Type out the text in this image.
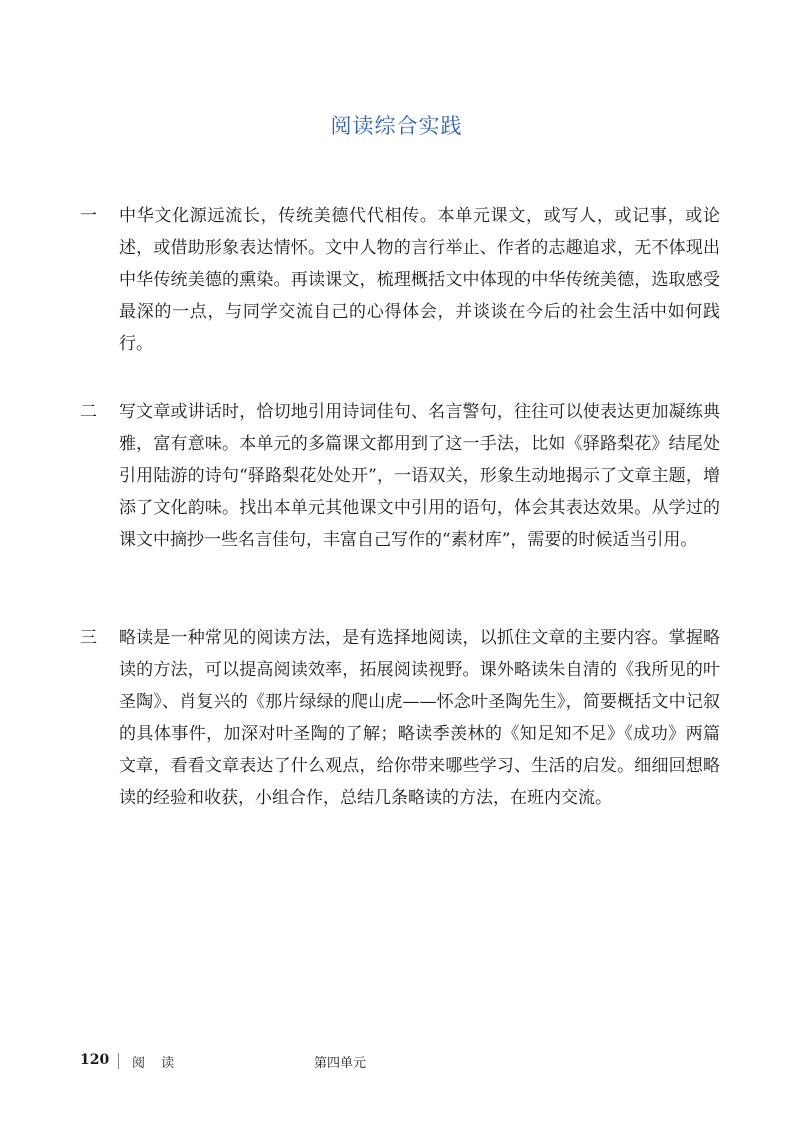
阅读综合实践
一	中华文化源远流长，传统美德代代相传。本单元课文，或写人，或记事，或论述，或借助形象表达情怀。文中人物的言行举止、作者的志趣追求，无不体现出中华传统美德的熏染。再读课文，梳理概括文中体现的中华传统美德，选取感受最深的一点，与同学交流自己的心得体会，并谈谈在今后的社会生活中如何践行。
二	写文章或讲话时，恰切地引用诗词佳句、名言警句，往往可以使表达更加凝练典雅，富有意味。本单元的多篇课文都用到了这一手法，比如《驿路梨花》结尾处引用陆游的诗句“驿路梨花处处开”，一语双关，形象生动地揭示了文章主题，增添了文化韵味。找出本单元其他课文中引用的语句，体会其表达效果。从学过的课文中摘抄一些名言佳句，丰富自己写作的“素材库”，需要的时候适当引用。
三	略读是一种常见的阅读方法，是有选择地阅读，以抓住文章的主要内容。掌握略读的方法，可以提高阅读效率，拓展阅读视野。课外略读朱自清的《我所见的叶圣陶》、肖复兴的《那片绿绿的爬山虎——怀念叶圣陶先生》，简要概括文中记叙的具体事件，加深对叶圣陶的了解；略读季羡林的《知足知不足》《成功》两篇文章，看看文章表达了什么观点，给你带来哪些学习、生活的启发。细细回想略读的经验和收获，小组合作，总结几条略读的方法，在班内交流。
120 阅 读	第四单元
